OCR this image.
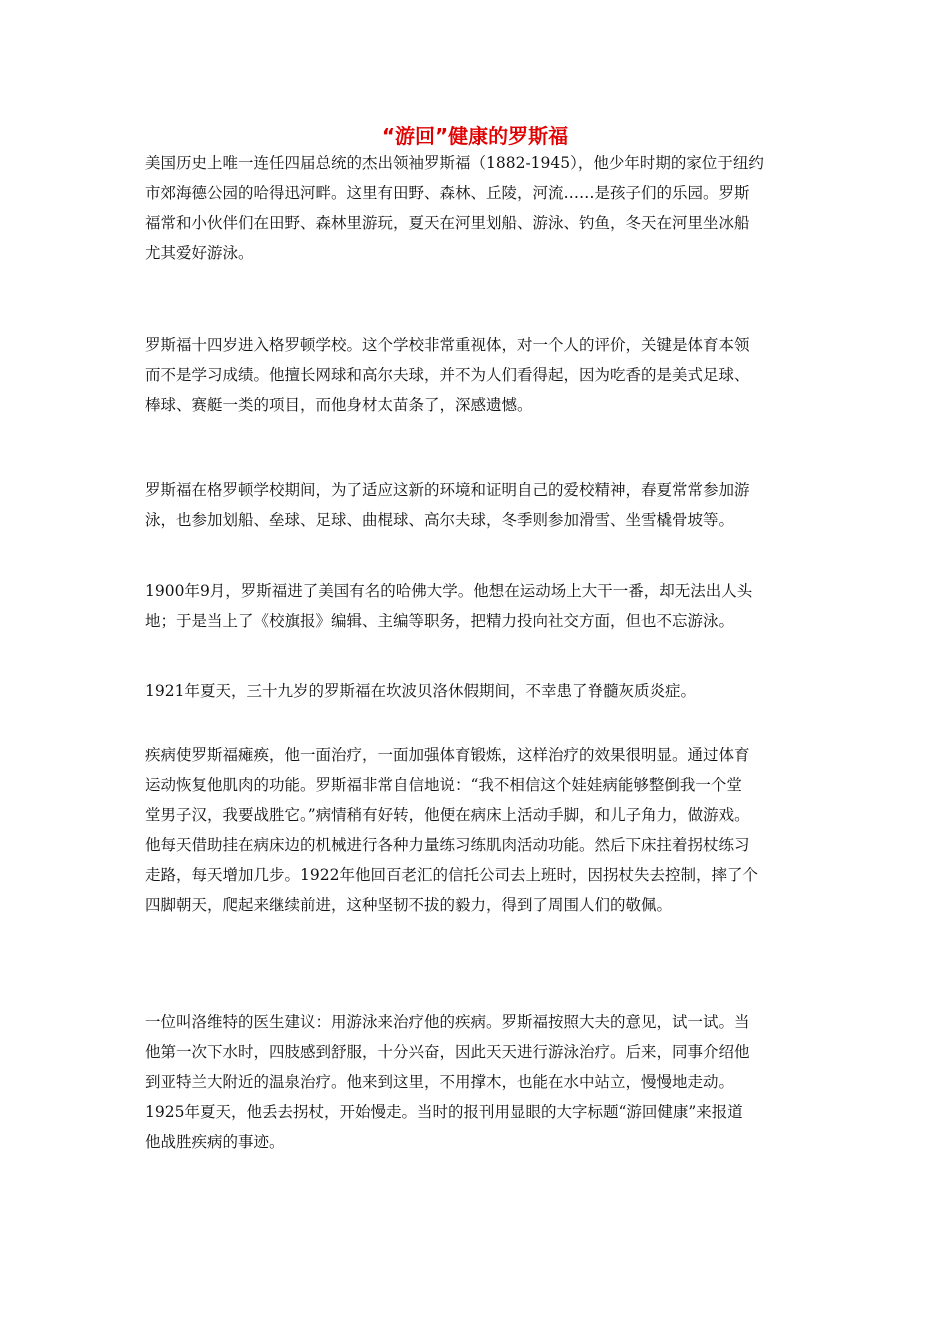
“游回”健康的罗斯福

美国历史上唯一连任四届总统的杰出领袖罗斯福（1882-1945），他少年时期的家位于纽约
市郊海德公园的哈得迅河畔。这里有田野、森林、丘陵，河流……是孩子们的乐园。罗斯
福常和小伙伴们在田野、森林里游玩，夏天在河里划船、游泳、钓鱼，冬天在河里坐冰船
尤其爱好游泳。

罗斯福十四岁进入格罗顿学校。这个学校非常重视体，对一个人的评价，关键是体育本领
而不是学习成绩。他擅长网球和高尔夫球，并不为人们看得起，因为吃香的是美式足球、
棒球、赛艇一类的项目，而他身材太苗条了，深感遗憾。

罗斯福在格罗顿学校期间，为了适应这新的环境和证明自己的爱校精神，春夏常常参加游
泳，也参加划船、垒球、足球、曲棍球、高尔夫球，冬季则参加滑雪、坐雪橇骨坡等。

1900年9月，罗斯福进了美国有名的哈佛大学。他想在运动场上大干一番，却无法出人头
地；于是当上了《校旗报》编辑、主编等职务，把精力投向社交方面，但也不忘游泳。

1921年夏天，三十九岁的罗斯福在坎波贝洛休假期间，不幸患了脊髓灰质炎症。

疾病使罗斯福瘫痪，他一面治疗，一面加强体育锻炼，这样治疗的效果很明显。通过体育
运动恢复他肌肉的功能。罗斯福非常自信地说：“我不相信这个娃娃病能够整倒我一个堂
堂男子汉，我要战胜它。”病情稍有好转，他便在病床上活动手脚，和儿子角力，做游戏。
他每天借助挂在病床边的机械进行各种力量练习练肌肉活动功能。然后下床拄着拐杖练习
走路，每天增加几步。1922年他回百老汇的信托公司去上班时，因拐杖失去控制，摔了个
四脚朝天，爬起来继续前进，这种坚韧不拔的毅力，得到了周围人们的敬佩。

一位叫洛维特的医生建议：用游泳来治疗他的疾病。罗斯福按照大夫的意见，试一试。当
他第一次下水时，四肢感到舒服，十分兴奋，因此天天进行游泳治疗。后来，同事介绍他
到亚特兰大附近的温泉治疗。他来到这里，不用撑木，也能在水中站立，慢慢地走动。
1925年夏天，他丢去拐杖，开始慢走。当时的报刊用显眼的大字标题“游回健康”来报道
他战胜疾病的事迹。
